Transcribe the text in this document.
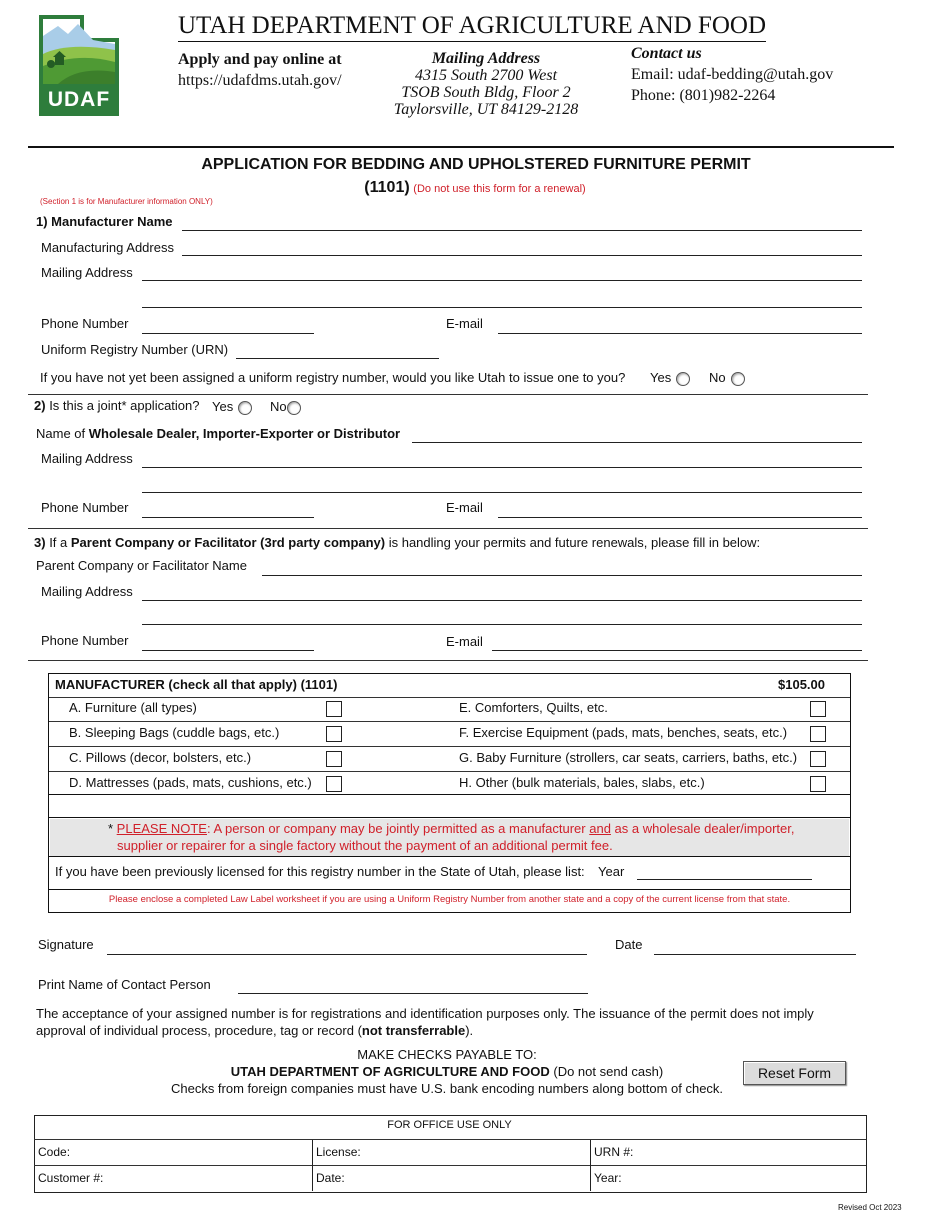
UDAF
UTAH DEPARTMENT OF AGRICULTURE AND FOOD
Apply and pay online at
https://udafdms.utah.gov/
Mailing Address
4315 South 2700 West
TSOB South Bldg, Floor 2
Taylorsville, UT 84129-2128
Contact us
Email: udaf-bedding@utah.gov
Phone: (801)982-2264
APPLICATION FOR BEDDING AND UPHOLSTERED FURNITURE PERMIT
(1101) (Do not use this form for a renewal)
(Section 1 is for Manufacturer information ONLY)
1) Manufacturer Name
Manufacturing Address
Mailing Address
Phone Number	E-mail
Uniform Registry Number (URN)
If you have not yet been assigned a uniform registry number, would you like Utah to issue one to you? Yes	No
2) Is this a joint* application? Yes	No
Name of Wholesale Dealer, Importer-Exporter or Distributor
Mailing Address
Phone Number	E-mail
3) If a Parent Company or Facilitator (3rd party company) is handling your permits and future renewals, please fill in below:
Parent Company or Facilitator Name
Mailing Address
Phone Number	E-mail
MANUFACTURER (check all that apply) (1101)	$105.00
A. Furniture (all types)	E. Comforters, Quilts, etc.
B. Sleeping Bags (cuddle bags, etc.)	F. Exercise Equipment (pads, mats, benches, seats, etc.)
C. Pillows (decor, bolsters, etc.)	G. Baby Furniture (strollers, car seats, carriers, baths, etc.)
D. Mattresses (pads, mats, cushions, etc.)	H. Other (bulk materials, bales, slabs, etc.)
* PLEASE NOTE: A person or company may be jointly permitted as a manufacturer and as a wholesale dealer/importer,
supplier or repairer for a single factory without the payment of an additional permit fee.
If you have been previously licensed for this registry number in the State of Utah, please list: Year
Please enclose a completed Law Label worksheet if you are using a Uniform Registry Number from another state and a copy of the current license from that state.
Signature	Date
Print Name of Contact Person
The acceptance of your assigned number is for registrations and identification purposes only. The issuance of the permit does not imply
approval of individual process, procedure, tag or record (not transferrable).
MAKE CHECKS PAYABLE TO:
UTAH DEPARTMENT OF AGRICULTURE AND FOOD (Do not send cash)
Checks from foreign companies must have U.S. bank encoding numbers along bottom of check.
Reset Form
FOR OFFICE USE ONLY
Code:	License:	URN #:
Customer #:	Date:	Year:
Revised Oct 2023
